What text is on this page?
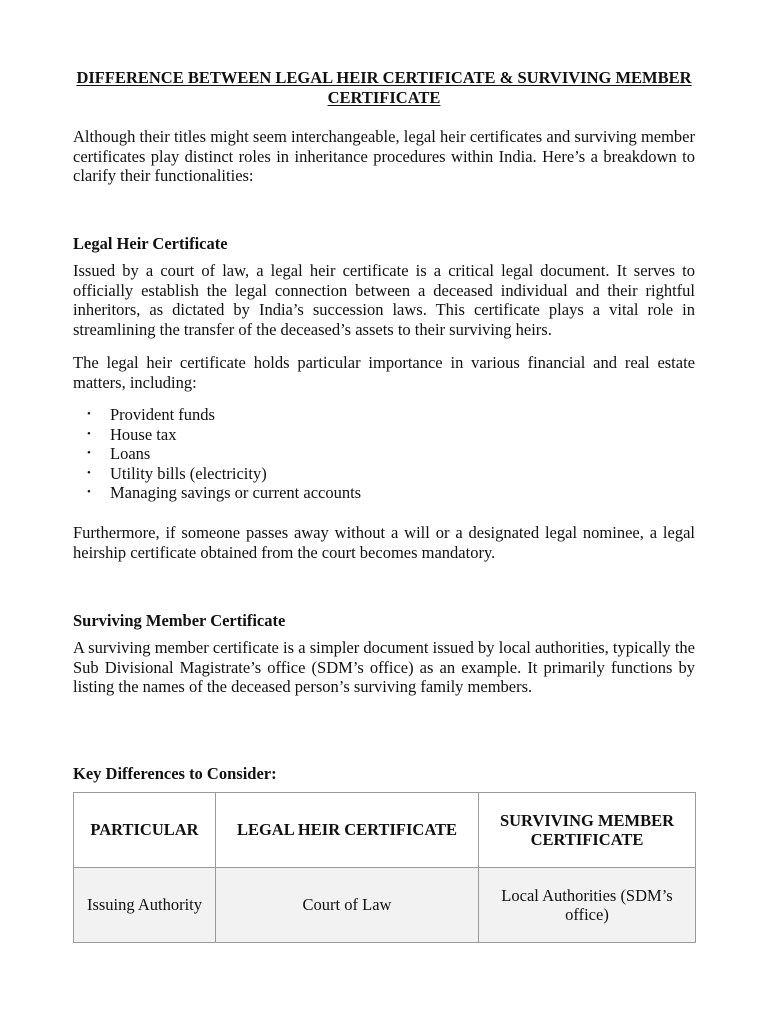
DIFFERENCE BETWEEN LEGAL HEIR CERTIFICATE & SURVIVING MEMBER CERTIFICATE

Although their titles might seem interchangeable, legal heir certificates and surviving member certificates play distinct roles in inheritance procedures within India. Here’s a breakdown to clarify their functionalities:

Legal Heir Certificate

Issued by a court of law, a legal heir certificate is a critical legal document. It serves to officially establish the legal connection between a deceased individual and their rightful inheritors, as dictated by India’s succession laws. This certificate plays a vital role in streamlining the transfer of the deceased’s assets to their surviving heirs.

The legal heir certificate holds particular importance in various financial and real estate matters, including:

• Provident funds
• House tax
• Loans
• Utility bills (electricity)
• Managing savings or current accounts

Furthermore, if someone passes away without a will or a designated legal nominee, a legal heirship certificate obtained from the court becomes mandatory.

Surviving Member Certificate

A surviving member certificate is a simpler document issued by local authorities, typically the Sub Divisional Magistrate’s office (SDM’s office) as an example. It primarily functions by listing the names of the deceased person’s surviving family members.

Key Differences to Consider:
PARTICULAR	LEGAL HEIR CERTIFICATE	SURVIVING MEMBER CERTIFICATE
Issuing Authority	Court of Law	Local Authorities (SDM’s office)
